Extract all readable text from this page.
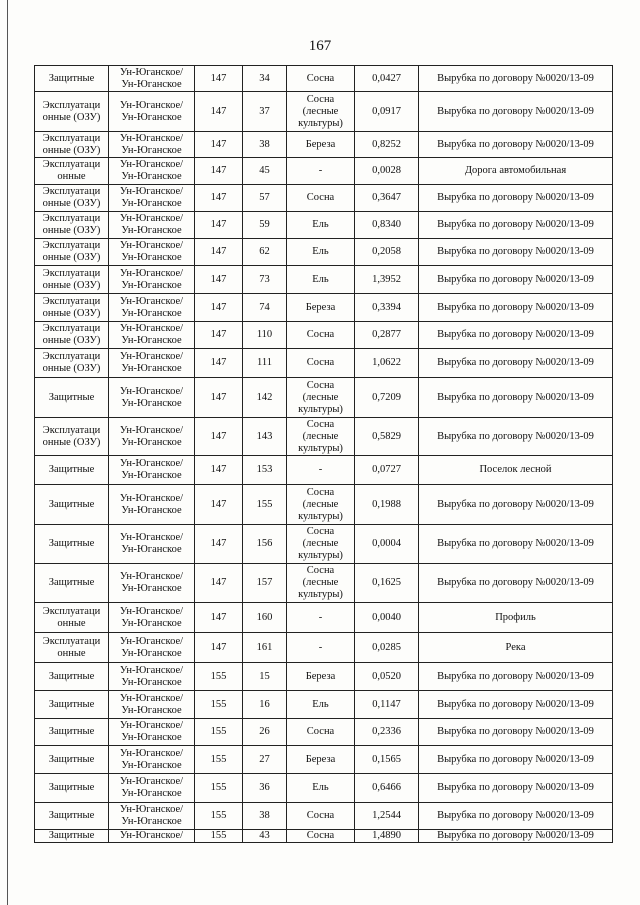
167
Защитные	Ун-Юганское/ Ун-Юганское	147	34	Сосна	0,0427	Вырубка по договору №0020/13-09
Эксплуатаци онные (ОЗУ)	Ун-Юганское/ Ун-Юганское	147	37	Сосна (лесные культуры)	0,0917	Вырубка по договору №0020/13-09
Эксплуатаци онные (ОЗУ)	Ун-Юганское/ Ун-Юганское	147	38	Береза	0,8252	Вырубка по договору №0020/13-09
Эксплуатаци онные	Ун-Юганское/ Ун-Юганское	147	45	-	0,0028	Дорога автомобильная
Эксплуатаци онные (ОЗУ)	Ун-Юганское/ Ун-Юганское	147	57	Сосна	0,3647	Вырубка по договору №0020/13-09
Эксплуатаци онные (ОЗУ)	Ун-Юганское/ Ун-Юганское	147	59	Ель	0,8340	Вырубка по договору №0020/13-09
Эксплуатаци онные (ОЗУ)	Ун-Юганское/ Ун-Юганское	147	62	Ель	0,2058	Вырубка по договору №0020/13-09
Эксплуатаци онные (ОЗУ)	Ун-Юганское/ Ун-Юганское	147	73	Ель	1,3952	Вырубка по договору №0020/13-09
Эксплуатаци онные (ОЗУ)	Ун-Юганское/ Ун-Юганское	147	74	Береза	0,3394	Вырубка по договору №0020/13-09
Эксплуатаци онные (ОЗУ)	Ун-Юганское/ Ун-Юганское	147	110	Сосна	0,2877	Вырубка по договору №0020/13-09
Эксплуатаци онные (ОЗУ)	Ун-Юганское/ Ун-Юганское	147	111	Сосна	1,0622	Вырубка по договору №0020/13-09
Защитные	Ун-Юганское/ Ун-Юганское	147	142	Сосна (лесные культуры)	0,7209	Вырубка по договору №0020/13-09
Эксплуатаци онные (ОЗУ)	Ун-Юганское/ Ун-Юганское	147	143	Сосна (лесные культуры)	0,5829	Вырубка по договору №0020/13-09
Защитные	Ун-Юганское/ Ун-Юганское	147	153	-	0,0727	Поселок лесной
Защитные	Ун-Юганское/ Ун-Юганское	147	155	Сосна (лесные культуры)	0,1988	Вырубка по договору №0020/13-09
Защитные	Ун-Юганское/ Ун-Юганское	147	156	Сосна (лесные культуры)	0,0004	Вырубка по договору №0020/13-09
Защитные	Ун-Юганское/ Ун-Юганское	147	157	Сосна (лесные культуры)	0,1625	Вырубка по договору №0020/13-09
Эксплуатаци онные	Ун-Юганское/ Ун-Юганское	147	160	-	0,0040	Профиль
Эксплуатаци онные	Ун-Юганское/ Ун-Юганское	147	161	-	0,0285	Река
Защитные	Ун-Юганское/ Ун-Юганское	155	15	Береза	0,0520	Вырубка по договору №0020/13-09
Защитные	Ун-Юганское/ Ун-Юганское	155	16	Ель	0,1147	Вырубка по договору №0020/13-09
Защитные	Ун-Юганское/ Ун-Юганское	155	26	Сосна	0,2336	Вырубка по договору №0020/13-09
Защитные	Ун-Юганское/ Ун-Юганское	155	27	Береза	0,1565	Вырубка по договору №0020/13-09
Защитные	Ун-Юганское/ Ун-Юганское	155	36	Ель	0,6466	Вырубка по договору №0020/13-09
Защитные	Ун-Юганское/ Ун-Юганское	155	38	Сосна	1,2544	Вырубка по договору №0020/13-09
Защитные	Ун-Юганское/	155	43	Сосна	1,4890	Вырубка по договору №0020/13-09
